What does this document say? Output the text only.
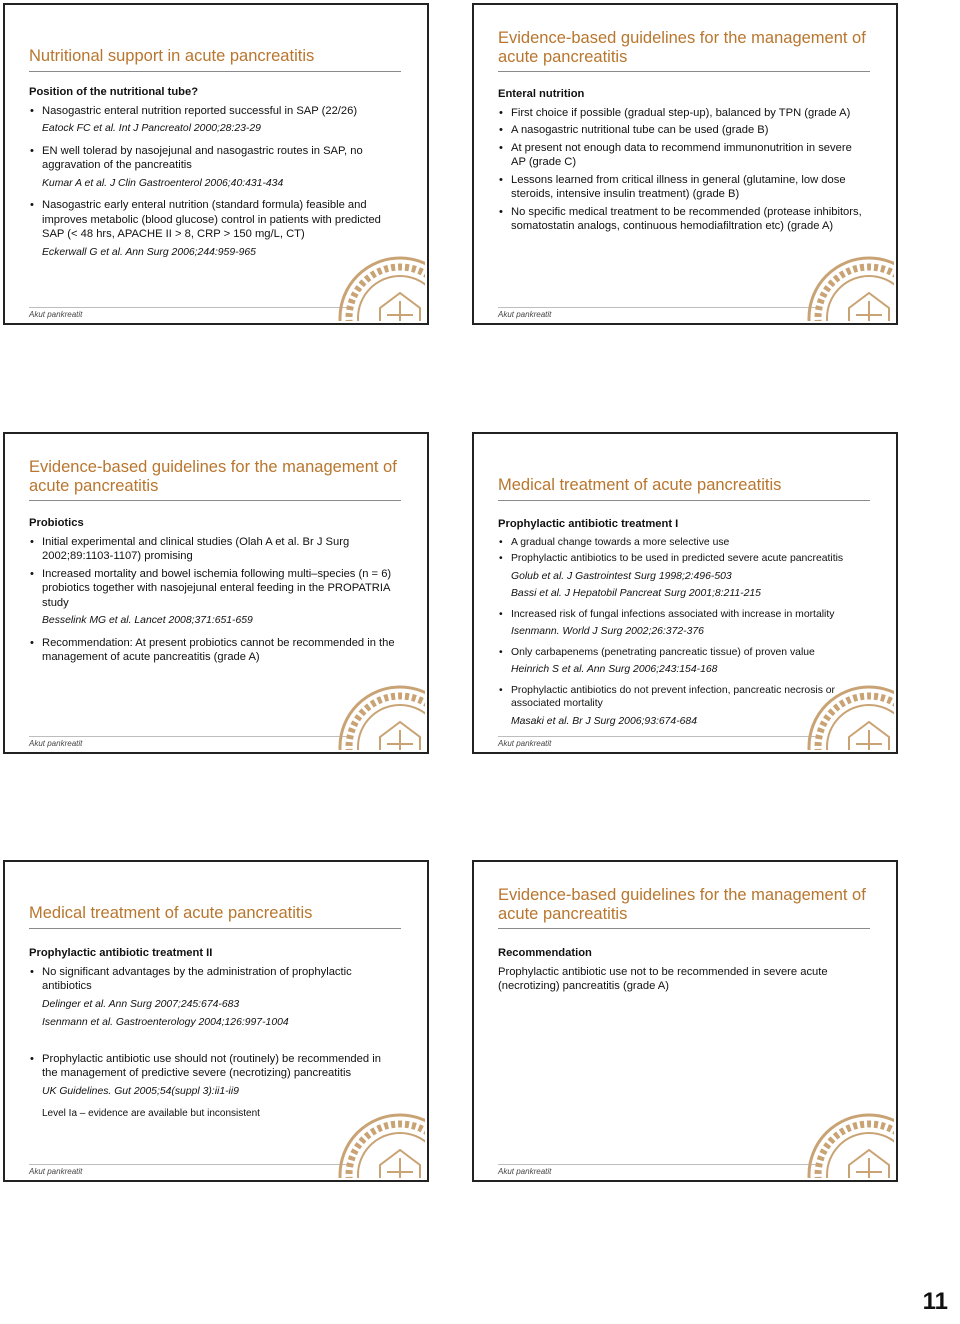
Nutritional support in acute pancreatitis
Position of the nutritional tube?
• Nasogastric enteral nutrition reported successful in SAP (22/26)
Eatock FC et al. Int J Pancreatol 2000;28:23-29
• EN well tolerad by nasojejunal and nasogastric routes in SAP, no aggravation of the pancreatitis
Kumar A et al. J Clin Gastroenterol 2006;40:431-434
• Nasogastric early enteral nutrition (standard formula) feasible and improves metabolic (blood glucose) control in patients with predicted SAP (< 48 hrs, APACHE II > 8, CRP > 150 mg/L, CT)
Eckerwall G et al. Ann Surg 2006;244:959-965
Akut pankreatit
Evidence-based guidelines for the management of acute pancreatitis
Enteral nutrition
• First choice if possible (gradual step-up), balanced by TPN (grade A)
• A nasogastric nutritional tube can be used (grade B)
• At present not enough data to recommend immunonutrition in severe AP (grade C)
• Lessons learned from critical illness in general (glutamine, low dose steroids, intensive insulin treatment) (grade B)
• No specific medical treatment to be recommended (protease inhibitors, somatostatin analogs, continuous hemodiafiltration etc) (grade A)
Akut pankreatit
Evidence-based guidelines for the management of acute pancreatitis
Probiotics
• Initial experimental and clinical studies (Olah A et al. Br J Surg 2002;89:1103-1107) promising
• Increased mortality and bowel ischemia following multi–species (n = 6) probiotics together with nasojejunal enteral feeding in the PROPATRIA study
Besselink MG et al. Lancet 2008;371:651-659
• Recommendation: At present probiotics cannot be recommended in the management of acute pancreatitis (grade A)
Akut pankreatit
Medical treatment of acute pancreatitis
Prophylactic antibiotic treatment I
• A gradual change towards a more selective use
• Prophylactic antibiotics to be used in predicted severe acute pancreatitis
Golub et al. J Gastrointest Surg 1998;2:496-503
Bassi et al. J Hepatobil Pancreat Surg 2001;8:211-215
• Increased risk of fungal infections associated with increase in mortality
Isenmann. World J Surg 2002;26:372-376
• Only carbapenems (penetrating pancreatic tissue) of proven value
Heinrich S et al. Ann Surg 2006;243:154-168
• Prophylactic antibiotics do not prevent infection, pancreatic necrosis or associated mortality
Masaki et al. Br J Surg 2006;93:674-684
Akut pankreatit
Medical treatment of acute pancreatitis
Prophylactic antibiotic treatment II
• No significant advantages by the administration of prophylactic antibiotics
Delinger et al. Ann Surg 2007;245:674-683
Isenmann et al. Gastroenterology 2004;126:997-1004
• Prophylactic antibiotic use should not (routinely) be recommended in the management of predictive severe (necrotizing) pancreatitis
UK Guidelines. Gut 2005;54(suppl 3):ii1-ii9
Level Ia – evidence are available but inconsistent
Akut pankreatit
Evidence-based guidelines for the management of acute pancreatitis
Recommendation
Prophylactic antibiotic use not to be recommended in severe acute (necrotizing) pancreatitis (grade A)
Akut pankreatit
11
